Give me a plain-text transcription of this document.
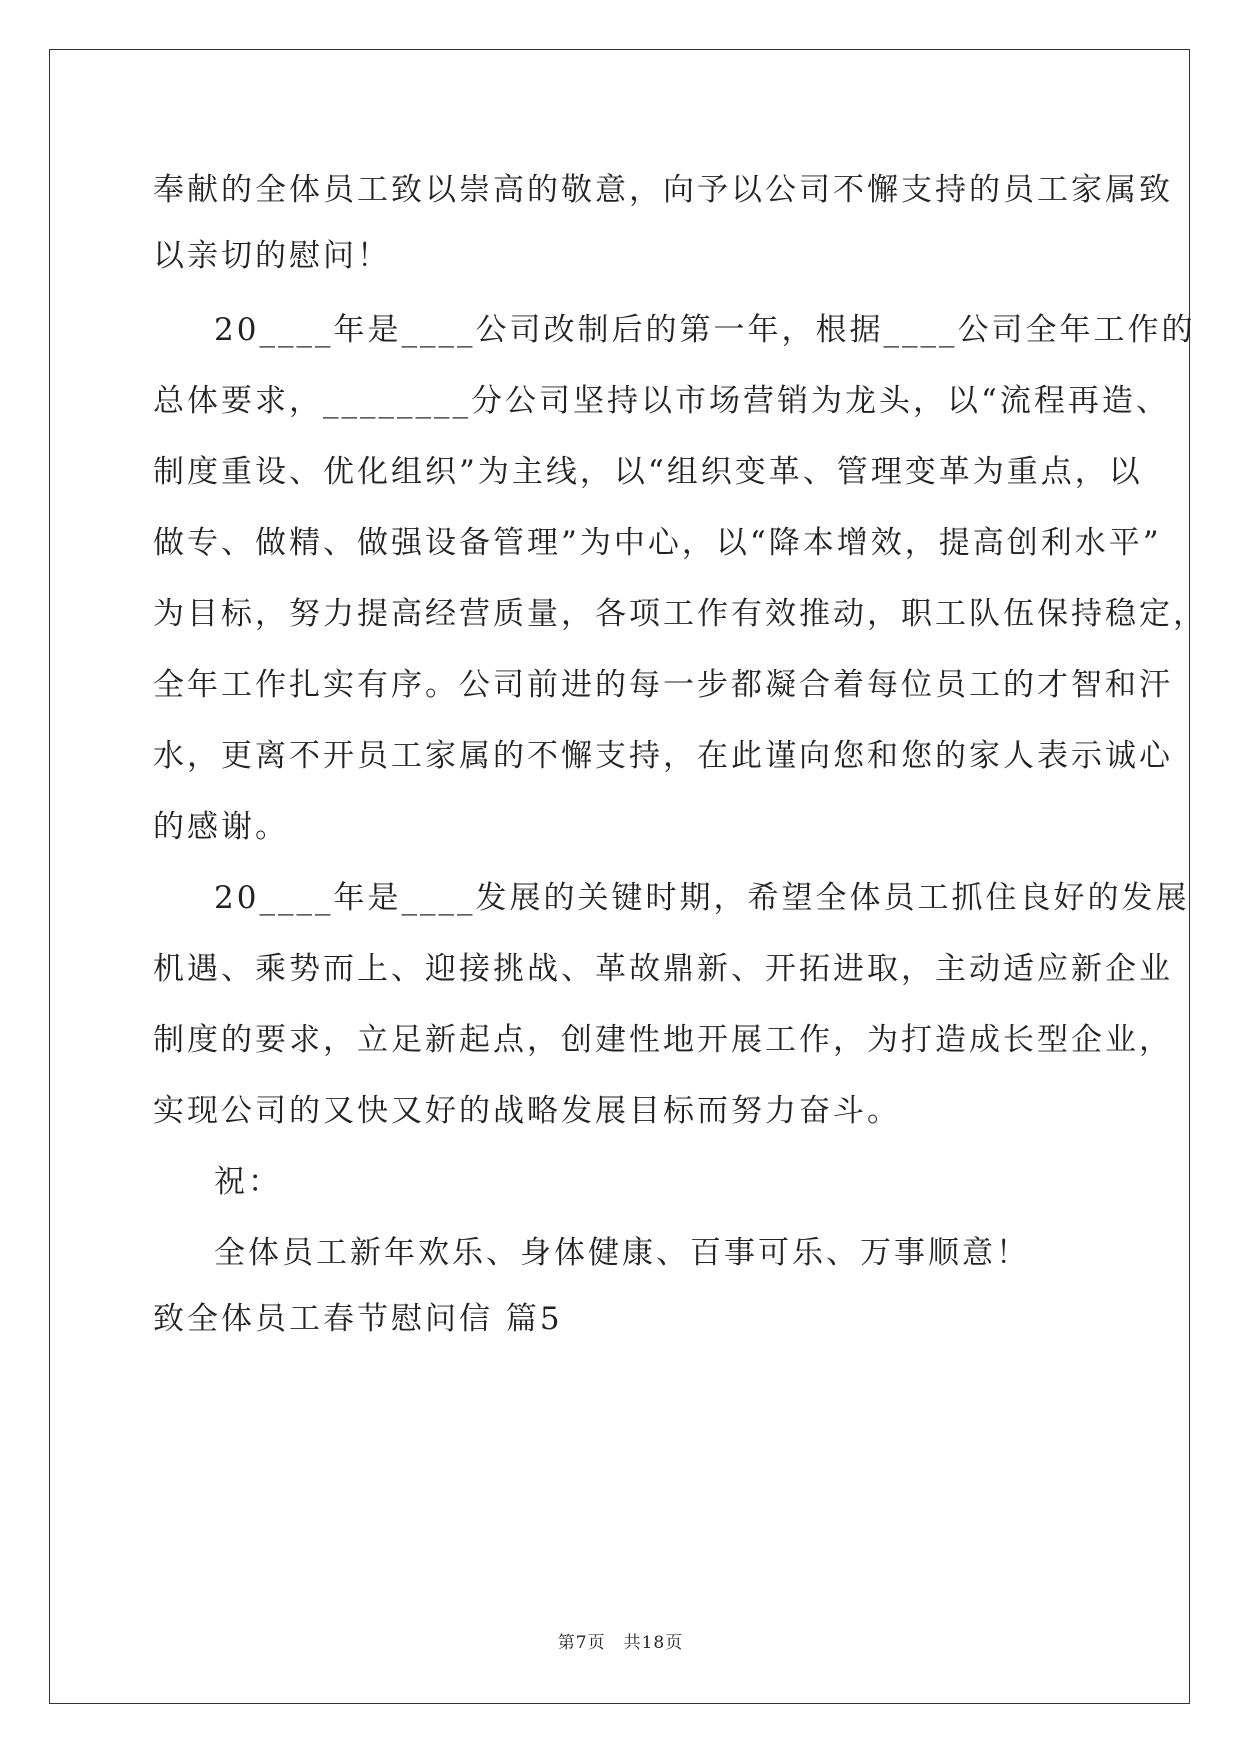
奉献的全体员工致以崇高的敬意，向予以公司不懈支持的员工家属致

以亲切的慰问！

20____年是____公司改制后的第一年，根据____公司全年工作的

总体要求，________分公司坚持以市场营销为龙头，以“流程再造、

制度重设、优化组织”为主线，以“组织变革、管理变革为重点，以

做专、做精、做强设备管理”为中心，以“降本增效，提高创利水平”

为目标，努力提高经营质量，各项工作有效推动，职工队伍保持稳定，

全年工作扎实有序。公司前进的每一步都凝合着每位员工的才智和汗

水，更离不开员工家属的不懈支持，在此谨向您和您的家人表示诚心

的感谢。

20____年是____发展的关键时期，希望全体员工抓住良好的发展

机遇、乘势而上、迎接挑战、革故鼎新、开拓进取，主动适应新企业

制度的要求，立足新起点，创建性地开展工作，为打造成长型企业，

实现公司的又快又好的战略发展目标而努力奋斗。

祝：

全体员工新年欢乐、身体健康、百事可乐、万事顺意！

致全体员工春节慰问信 篇5

第7页　共18页
